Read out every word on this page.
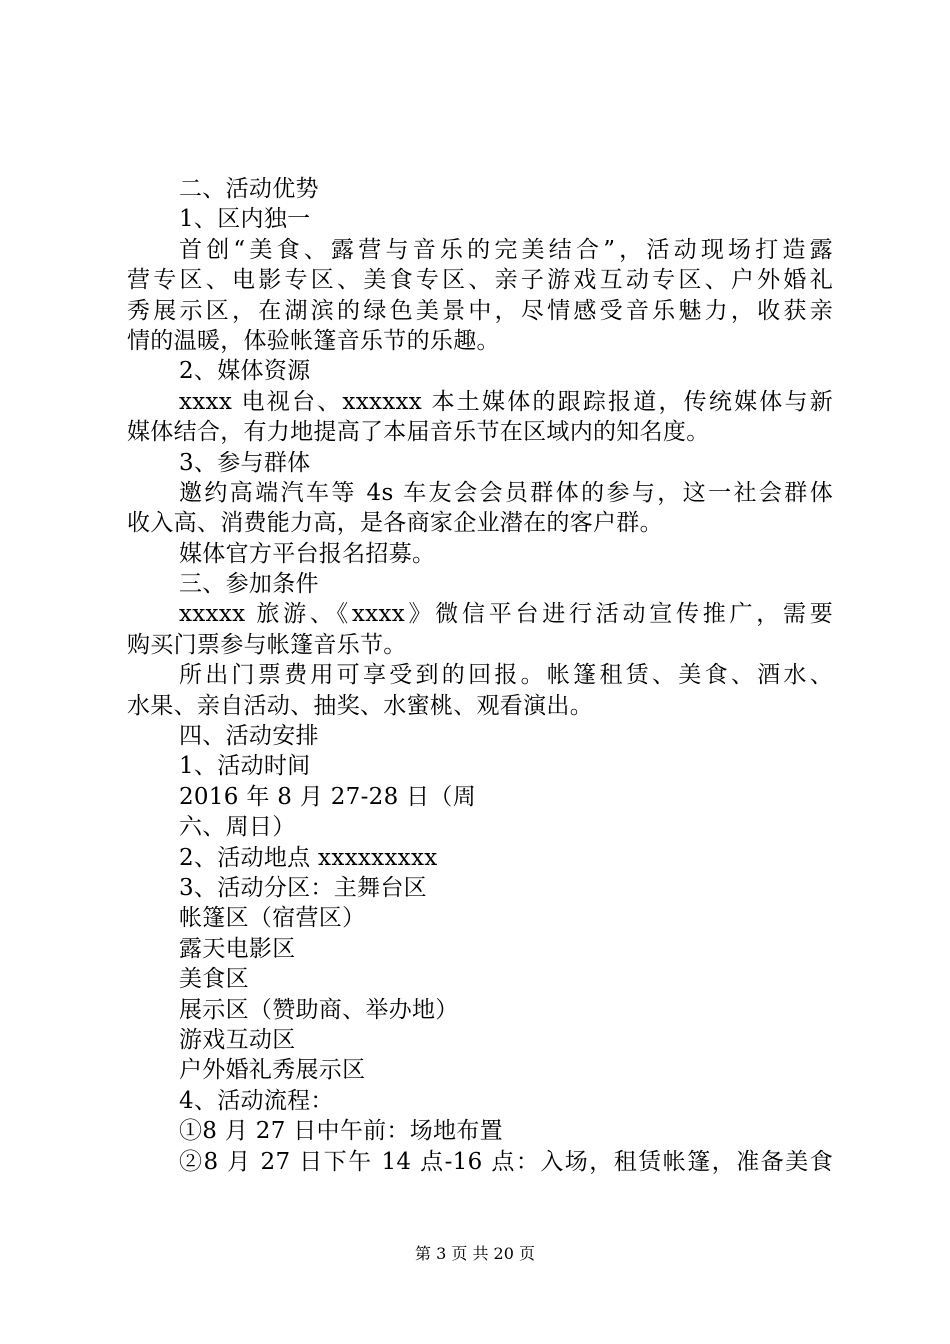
二、活动优势
1、区内独一
首创“美食、露营与音乐的完美结合”，活动现场打造露
营专区、电影专区、美食专区、亲子游戏互动专区、户外婚礼
秀展示区，在湖滨的绿色美景中，尽情感受音乐魅力，收获亲
情的温暖，体验帐篷音乐节的乐趣。
2、媒体资源
xxxx 电视台、xxxxxx 本土媒体的跟踪报道，传统媒体与新
媒体结合，有力地提高了本届音乐节在区域内的知名度。
3、参与群体
邀约高端汽车等 4s 车友会会员群体的参与，这一社会群体
收入高、消费能力高，是各商家企业潜在的客户群。
媒体官方平台报名招募。
三、参加条件
xxxxx 旅游、《xxxx》微信平台进行活动宣传推广，需要
购买门票参与帐篷音乐节。
所出门票费用可享受到的回报。帐篷租赁、美食、酒水、
水果、亲自活动、抽奖、水蜜桃、观看演出。
四、活动安排
1、活动时间
2016 年 8 月 27-28 日（周
六、周日）
2、活动地点 xxxxxxxxx
3、活动分区：主舞台区
帐篷区（宿营区）
露天电影区
美食区
展示区（赞助商、举办地）
游戏互动区
户外婚礼秀展示区
4、活动流程：
①8 月 27 日中午前：场地布置
②8 月 27 日下午 14 点-16 点：入场，租赁帐篷，准备美食
第 3 页 共 20 页
